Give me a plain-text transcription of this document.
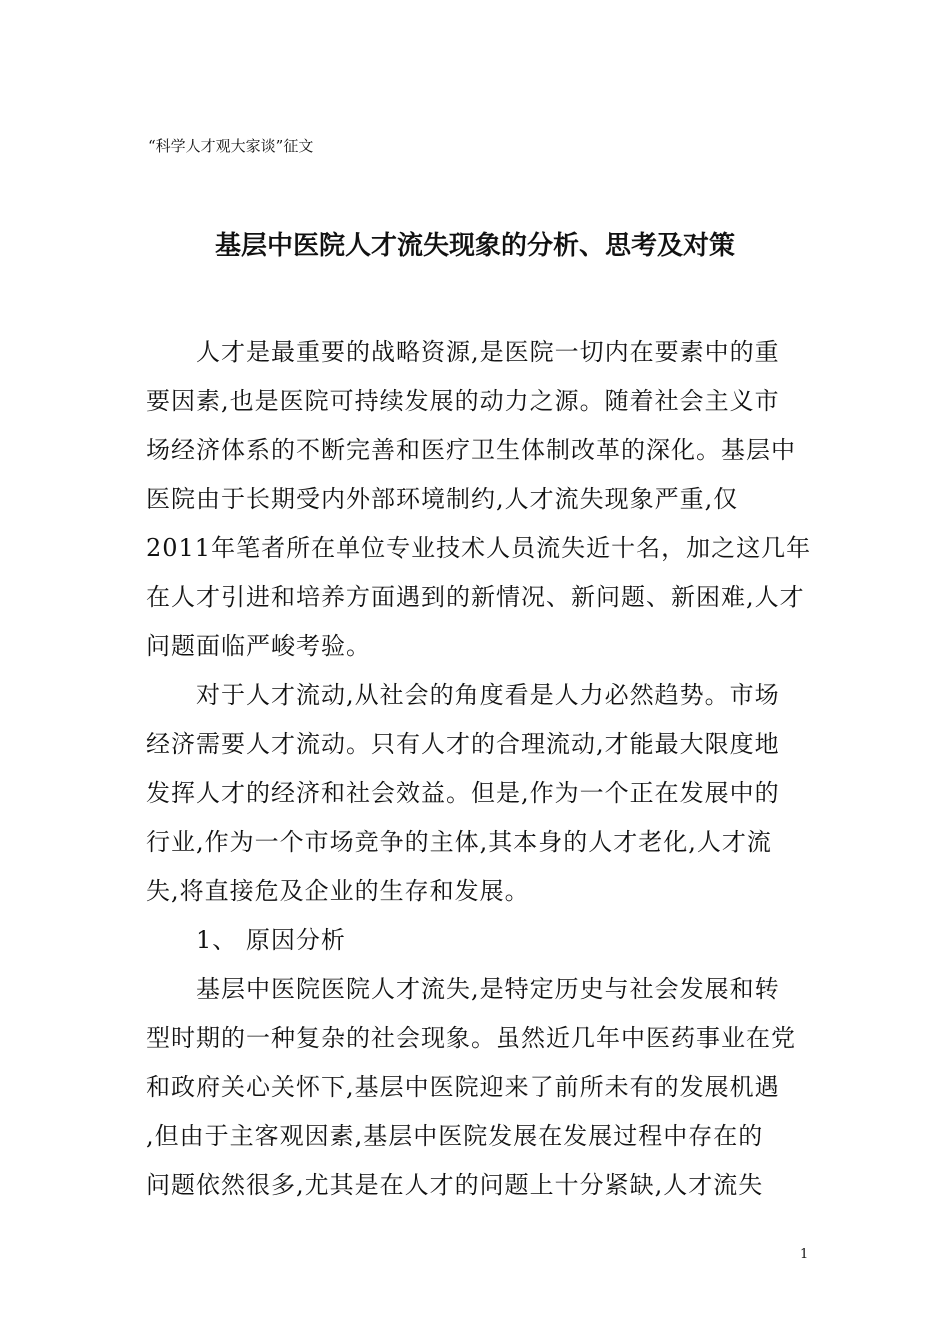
“科学人才观大家谈”征文
基层中医院人才流失现象的分析、思考及对策
人才是最重要的战略资源,是医院一切内在要素中的重
要因素,也是医院可持续发展的动力之源。随着社会主义市
场经济体系的不断完善和医疗卫生体制改革的深化。基层中
医院由于长期受内外部环境制约,人才流失现象严重,仅
2011年笔者所在单位专业技术人员流失近十名，加之这几年
在人才引进和培养方面遇到的新情况、新问题、新困难,人才
问题面临严峻考验。
对于人才流动,从社会的角度看是人力必然趋势。市场
经济需要人才流动。只有人才的合理流动,才能最大限度地
发挥人才的经济和社会效益。但是,作为一个正在发展中的
行业,作为一个市场竞争的主体,其本身的人才老化,人才流
失,将直接危及企业的生存和发展。
1、 原因分析
基层中医院医院人才流失,是特定历史与社会发展和转
型时期的一种复杂的社会现象。虽然近几年中医药事业在党
和政府关心关怀下,基层中医院迎来了前所未有的发展机遇
,但由于主客观因素,基层中医院发展在发展过程中存在的
问题依然很多,尤其是在人才的问题上十分紧缺,人才流失
1
